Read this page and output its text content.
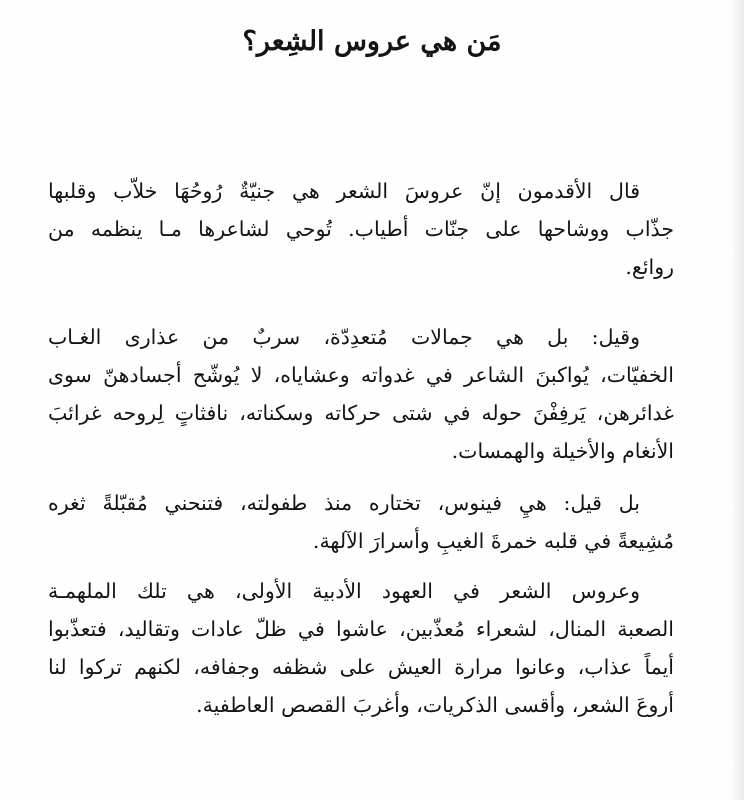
مَن هي عروس الشِعر؟
قال الأقدمون إنّ عروسَ الشعر هي جنيّةٌ رُوحُهَا خلاّب وقلبها
جذّاب ووشاحها على جنّات أطياب. تُوحي لشاعرها مـا ينظمه من
روائع.
وقيل: بل هي جمالات مُتعدِدّة، سربٌ من عذارى الغـاب
الخفيّات، يُواكبنَ الشاعر في غدواته وعشاياه، لا يُوشّح أجسادهنّ سوى
غدائرهن، يَرفِفْنَ حوله في شتى حركاته وسكناته، نافثاتٍ لِروحه غرائبَ
الأنغام والأخيلة والهمسات.
بل قيل: هيِ فينوس، تختاره منذ طفولته، فتنحني مُقبّلةً ثغره
مُشِيعةً في قلبه خمرةَ الغيبِ وأسرارَ الآلهة.
وعروس الشعر في العهود الأدبية الأولى، هي تلك الملهمـة
الصعبة المنال، لشعراء مُعذّبين، عاشوا في ظلّ عادات وتقاليد، فتعذّبوا
أيماً عذاب، وعانوا مرارة العيش على شظفه وجفافه، لكنهم تركوا لنا
أروعَ الشعر، وأقسى الذكريات، وأغربَ القصص العاطفية.
